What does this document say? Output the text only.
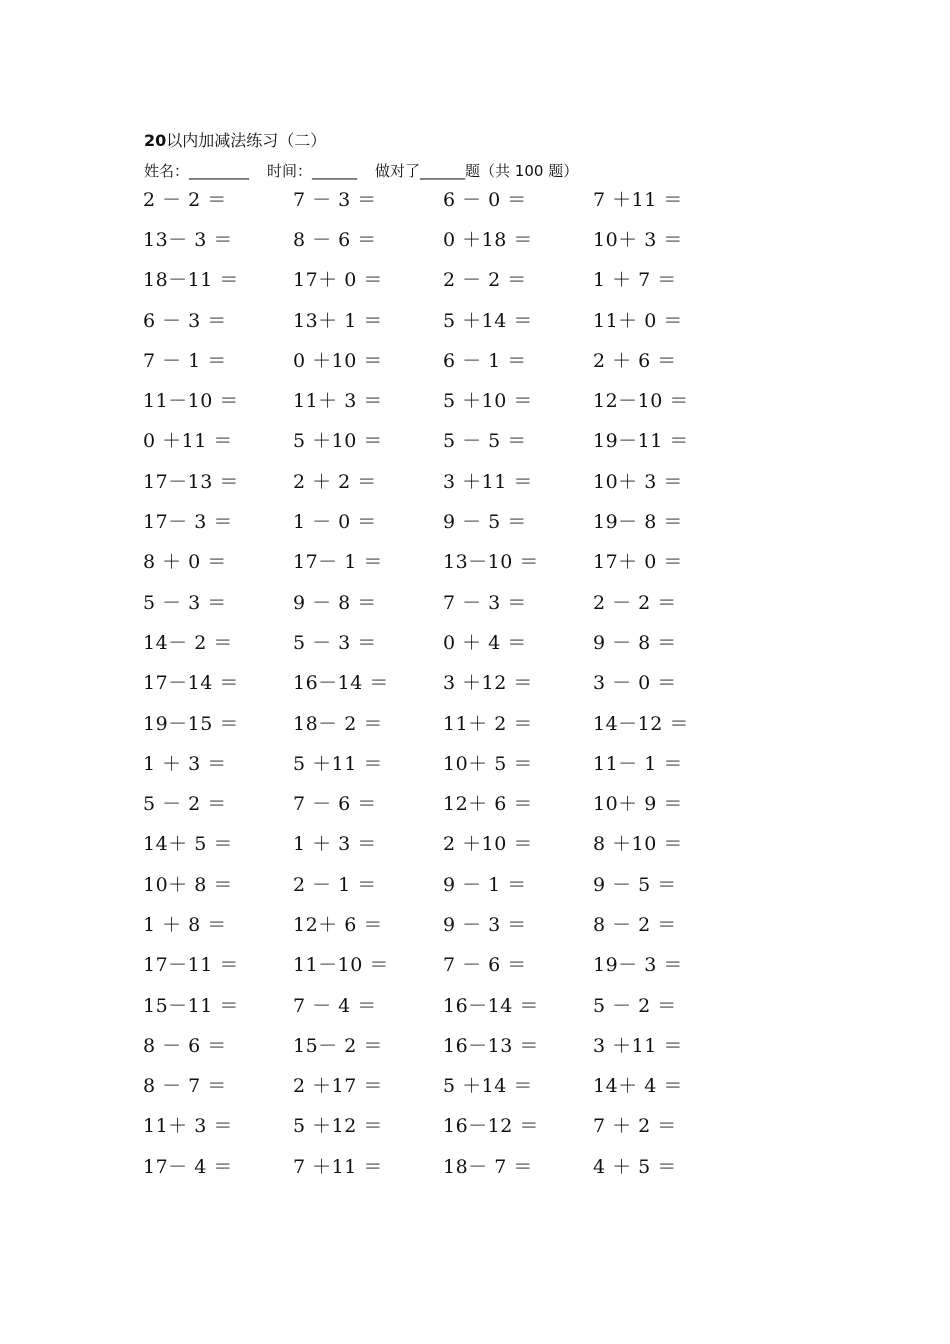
20以内加减法练习（二）
姓名：________ 时间：______ 做对了______题（共 100 题）
2 － 2 ＝	7 － 3 ＝	6 － 0 ＝	7 ＋11 ＝
13－ 3 ＝	8 － 6 ＝	0 ＋18 ＝	10＋ 3 ＝
18－11 ＝	17＋ 0 ＝	2 － 2 ＝	1 ＋ 7 ＝
6 － 3 ＝	13＋ 1 ＝	5 ＋14 ＝	11＋ 0 ＝
7 － 1 ＝	0 ＋10 ＝	6 － 1 ＝	2 ＋ 6 ＝
11－10 ＝	11＋ 3 ＝	5 ＋10 ＝	12－10 ＝
0 ＋11 ＝	5 ＋10 ＝	5 － 5 ＝	19－11 ＝
17－13 ＝	2 ＋ 2 ＝	3 ＋11 ＝	10＋ 3 ＝
17－ 3 ＝	1 － 0 ＝	9 － 5 ＝	19－ 8 ＝
8 ＋ 0 ＝	17－ 1 ＝	13－10 ＝	17＋ 0 ＝
5 － 3 ＝	9 － 8 ＝	7 － 3 ＝	2 － 2 ＝
14－ 2 ＝	5 － 3 ＝	0 ＋ 4 ＝	9 － 8 ＝
17－14 ＝	16－14 ＝	3 ＋12 ＝	3 － 0 ＝
19－15 ＝	18－ 2 ＝	11＋ 2 ＝	14－12 ＝
1 ＋ 3 ＝	5 ＋11 ＝	10＋ 5 ＝	11－ 1 ＝
5 － 2 ＝	7 － 6 ＝	12＋ 6 ＝	10＋ 9 ＝
14＋ 5 ＝	1 ＋ 3 ＝	2 ＋10 ＝	8 ＋10 ＝
10＋ 8 ＝	2 － 1 ＝	9 － 1 ＝	9 － 5 ＝
1 ＋ 8 ＝	12＋ 6 ＝	9 － 3 ＝	8 － 2 ＝
17－11 ＝	11－10 ＝	7 － 6 ＝	19－ 3 ＝
15－11 ＝	7 － 4 ＝	16－14 ＝	5 － 2 ＝
8 － 6 ＝	15－ 2 ＝	16－13 ＝	3 ＋11 ＝
8 － 7 ＝	2 ＋17 ＝	5 ＋14 ＝	14＋ 4 ＝
11＋ 3 ＝	5 ＋12 ＝	16－12 ＝	7 ＋ 2 ＝
17－ 4 ＝	7 ＋11 ＝	18－ 7 ＝	4 ＋ 5 ＝
